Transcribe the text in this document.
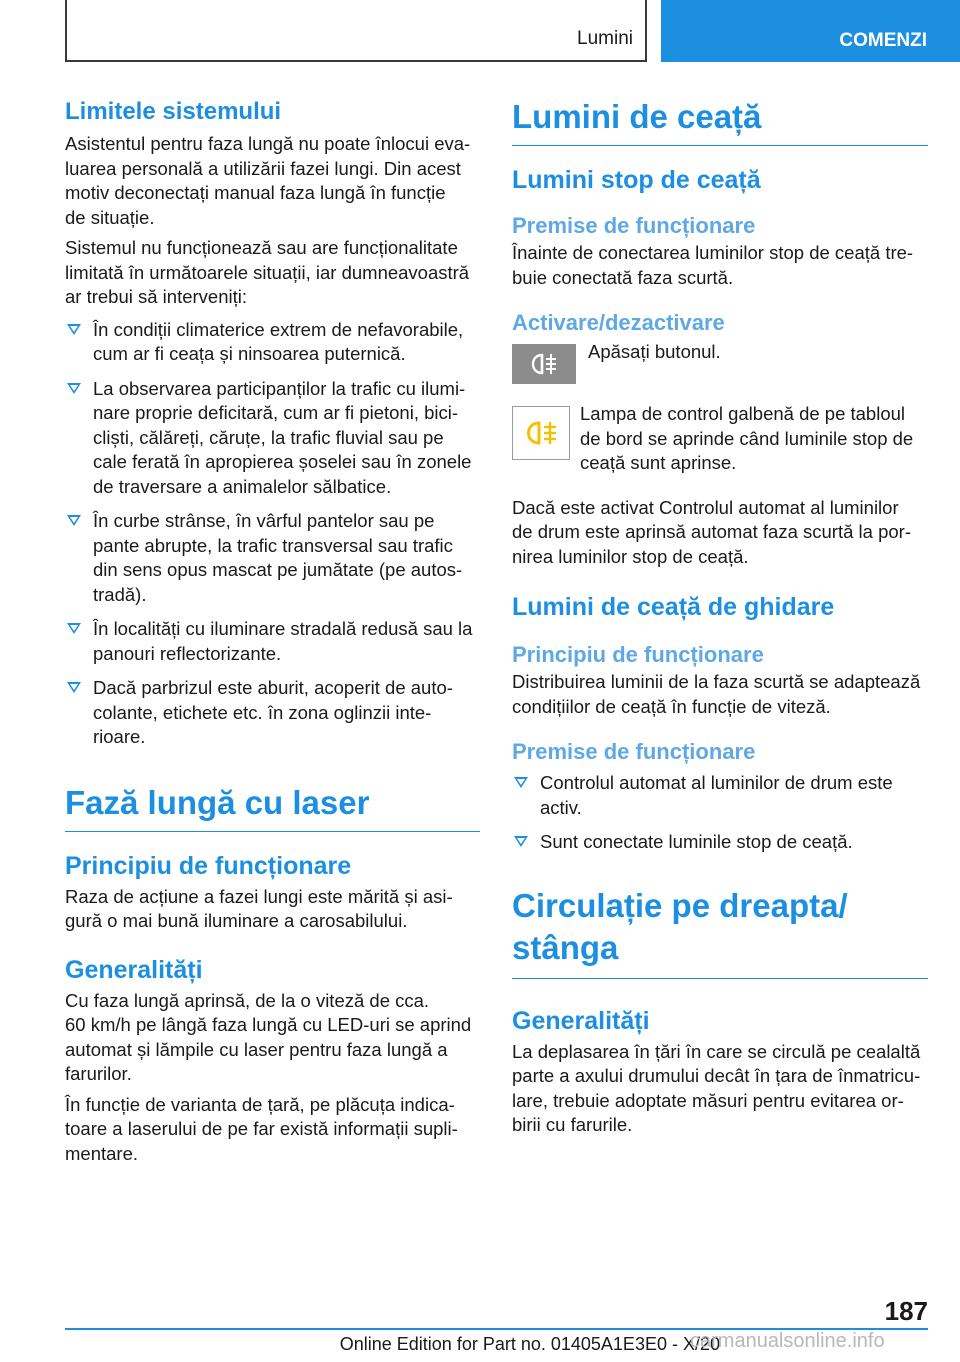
Lumini	COMENZI
Limitele sistemului

Asistentul pentru faza lungă nu poate înlocui eva-

luarea personală a utilizării fazei lungi. Din acest

motiv deconectați manual faza lungă în funcție

de situație.

Sistemul nu funcționează sau are funcționalitate

limitată în următoarele situații, iar dumneavoastră

ar trebui să interveniți:

În condiții climaterice extrem de nefavorabile,
cum ar fi ceața și ninsoarea puternică.
La observarea participanților la trafic cu ilumi-
nare proprie deficitară, cum ar fi pietoni, bici-
cliști, călăreți, căruțe, la trafic fluvial sau pe
cale ferată în apropierea șoselei sau în zonele
de traversare a animalelor sălbatice.
În curbe strânse, în vârful pantelor sau pe
pante abrupte, la trafic transversal sau trafic
din sens opus mascat pe jumătate (pe autos-
tradă).
În localități cu iluminare stradală redusă sau la
panouri reflectorizante.
Dacă parbrizul este aburit, acoperit de auto-
colante, etichete etc. în zona oglinzii inte-
rioare.
Fază lungă cu laser
Principiu de funcționare

Raza de acțiune a fazei lungi este mărită și asi-

gură o mai bună iluminare a carosabilului.

Generalități

Cu faza lungă aprinsă, de la o viteză de cca.

60 km/h pe lângă faza lungă cu LED-uri se aprind

automat și lămpile cu laser pentru faza lungă a

farurilor.

În funcție de varianta de țară, pe plăcuța indica-

toare a laserului de pe far există informații supli-

mentare.

Lumini de ceață
Lumini stop de ceață
Premise de funcționare

Înainte de conectarea luminilor stop de ceață tre-

buie conectată faza scurtă.

Activare/dezactivare

Apăsați butonul.

Lampa de control galbenă de pe tabloul

de bord se aprinde când luminile stop de

ceață sunt aprinse.

Dacă este activat Controlul automat al luminilor

de drum este aprinsă automat faza scurtă la por-

nirea luminilor stop de ceață.

Lumini de ceață de ghidare
Principiu de funcționare

Distribuirea luminii de la faza scurtă se adaptează

condițiilor de ceață în funcție de viteză.

Premise de funcționare
Controlul automat al luminilor de drum este
activ.
Sunt conectate luminile stop de ceață.
Circulație pe dreapta/
stânga
Generalități

La deplasarea în țări în care se circulă pe cealaltă

parte a axului drumului decât în țara de înmatricu-

lare, trebuie adoptate măsuri pentru evitarea or-

birii cu farurile.

187
Online Edition for Part no. 01405A1E3E0 - X/20
carmanualsonline.info
